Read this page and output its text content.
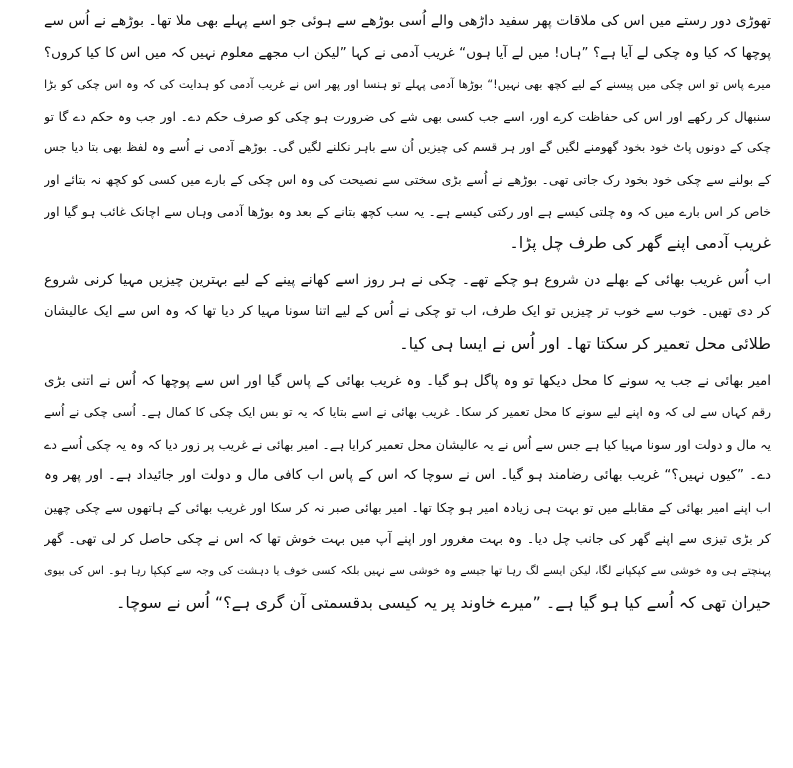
تھوڑی دور رستے میں اس کی ملاقات پھر سفید داڑھی والے اُسی بوڑھے سے ہوئی جو اسے پہلے بھی ملا تھا۔ بوڑھے نے اُس سے
پوچھا کہ کیا وہ چکی لے آیا ہے؟ ”ہاں! میں لے آیا ہوں“ غریب آدمی نے کہا ”لیکن اب مجھے معلوم نہیں کہ میں اس کا کیا کروں؟
میرے پاس تو اس چکی میں پیسنے کے لیے کچھ بھی نہیں!“ بوڑھا آدمی پہلے تو ہنسا اور پھر اس نے غریب آدمی کو ہدایت کی کہ وہ اس چکی کو بڑا
سنبھال کر رکھے اور اس کی حفاظت کرے اور، اسے جب کسی بھی شے کی ضرورت ہو چکی کو صرف حکم دے۔ اور جب وہ حکم دے گا تو
چکی کے دونوں پاٹ خود بخود گھومنے لگیں گے اور ہر قسم کی چیزیں اُن سے باہر نکلنے لگیں گی۔ بوڑھے آدمی نے اُسے وہ لفظ بھی بتا دیا جس
کے بولنے سے چکی خود بخود رک جاتی تھی۔ بوڑھے نے اُسے بڑی سختی سے نصیحت کی وہ اس چکی کے بارے میں کسی کو کچھ نہ بتائے اور
خاص کر اس بارے میں کہ وہ چلتی کیسے ہے اور رکتی کیسے ہے۔ یہ سب کچھ بتانے کے بعد وہ بوڑھا آدمی وہاں سے اچانک غائب ہو گیا اور
غریب آدمی اپنے گھر کی طرف چل پڑا۔
اب اُس غریب بھائی کے بھلے دن شروع ہو چکے تھے۔ چکی نے ہر روز اسے کھانے پینے کے لیے بہترین چیزیں مہیا کرنی شروع
کر دی تھیں۔ خوب سے خوب تر چیزیں تو ایک طرف، اب تو چکی نے اُس کے لیے اتنا سونا مہیا کر دیا تھا کہ وہ اس سے ایک عالیشان
طلائی محل تعمیر کر سکتا تھا۔ اور اُس نے ایسا ہی کیا۔
امیر بھائی نے جب یہ سونے کا محل دیکھا تو وہ پاگل ہو گیا۔ وہ غریب بھائی کے پاس گیا اور اس سے پوچھا کہ اُس نے اتنی بڑی
رقم کہاں سے لی کہ وہ اپنے لیے سونے کا محل تعمیر کر سکا۔ غریب بھائی نے اسے بتایا کہ یہ تو بس ایک چکی کا کمال ہے۔ اُسی چکی نے اُسے
یہ مال و دولت اور سونا مہیا کیا ہے جس سے اُس نے یہ عالیشان محل تعمیر کرایا ہے۔ امیر بھائی نے غریب پر زور دیا کہ وہ یہ چکی اُسے دے
دے۔ ”کیوں نہیں؟“ غریب بھائی رضامند ہو گیا۔ اس نے سوچا کہ اس کے پاس اب کافی مال و دولت اور جائیداد ہے۔ اور پھر وہ
اب اپنے امیر بھائی کے مقابلے میں تو بہت ہی زیادہ امیر ہو چکا تھا۔ امیر بھائی صبر نہ کر سکا اور غریب بھائی کے ہاتھوں سے چکی چھین
کر بڑی تیزی سے اپنے گھر کی جانب چل دیا۔ وہ بہت مغرور اور اپنے آپ میں بہت خوش تھا کہ اس نے چکی حاصل کر لی تھی۔ گھر
پہنچتے ہی وہ خوشی سے کپکپانے لگا، لیکن ایسے لگ رہا تھا جیسے وہ خوشی سے نہیں بلکہ کسی خوف یا دہشت کی وجہ سے کپکپا رہا ہو۔ اس کی بیوی
حیران تھی کہ اُسے کیا ہو گیا ہے۔ ”میرے خاوند پر یہ کیسی بدقسمتی آن گری ہے؟“ اُس نے سوچا۔
